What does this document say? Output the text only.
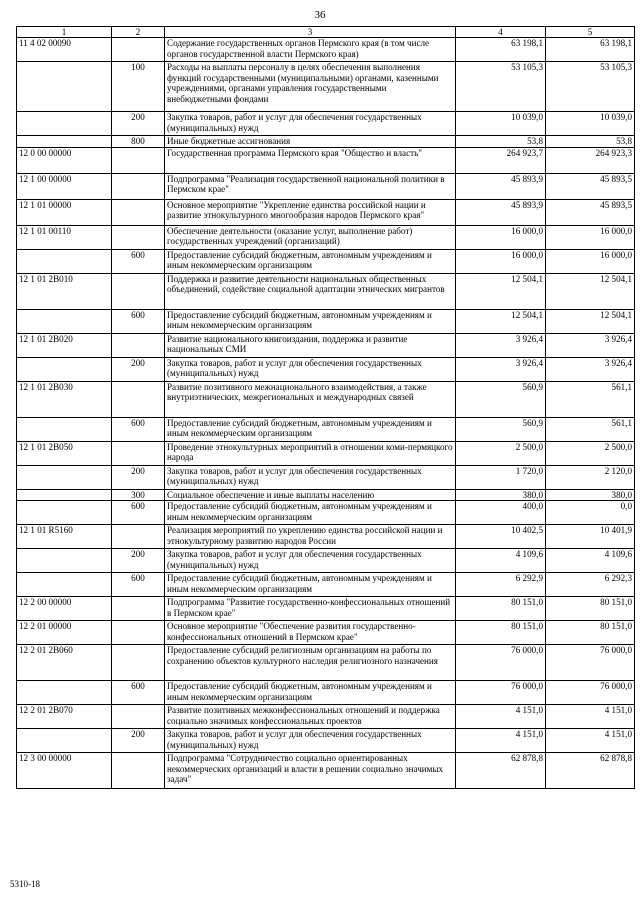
36
1	2	3	4	5
11 4 02 00090		Содержание государственных органов Пермского края (в том числе органов государственной власти Пермского края)	63 198,1	63 198,1
	100	Расходы на выплаты персоналу в целях обеспечения выполнения функций государственными (муниципальными) органами, казенными учреждениями, органами управления государственными внебюджетными фондами	53 105,3	53 105,3
	200	Закупка товаров, работ и услуг для обеспечения государственных (муниципальных) нужд	10 039,0	10 039,0
	800	Иные бюджетные ассигнования	53,8	53,8
12 0 00 00000		Государственная программа Пермского края "Общество и власть"	264 923,7	264 923,3
12 1 00 00000		Подпрограмма "Реализация государственной национальной политики в Пермском крае"	45 893,9	45 893,5
12 1 01 00000		Основное мероприятие "Укрепление единства российской нации и развитие этнокультурного многообразия народов Пермского края"	45 893,9	45 893,5
12 1 01 00110		Обеспечение деятельности (оказание услуг, выполнение работ) государственных учреждений (организаций)	16 000,0	16 000,0
	600	Предоставление субсидий бюджетным, автономным учреждениям и иным некоммерческим организациям	16 000,0	16 000,0
12 1 01 2В010		Поддержка и развитие деятельности национальных общественных объединений, содействие социальной адаптации этнических мигрантов	12 504,1	12 504,1
	600	Предоставление субсидий бюджетным, автономным учреждениям и иным некоммерческим организациям	12 504,1	12 504,1
12 1 01 2В020		Развитие национального книгоиздания, поддержка и развитие национальных СМИ	3 926,4	3 926,4
	200	Закупка товаров, работ и услуг для обеспечения государственных (муниципальных) нужд	3 926,4	3 926,4
12 1 01 2В030		Развитие позитивного межнационального взаимодействия, а также внутриэтнических, межрегиональных и международных связей	560,9	561,1
	600	Предоставление субсидий бюджетным, автономным учреждениям и иным некоммерческим организациям	560,9	561,1
12 1 01 2В050		Проведение этнокультурных мероприятий в отношении коми-пермяцкого народа	2 500,0	2 500,0
	200	Закупка товаров, работ и услуг для обеспечения государственных (муниципальных) нужд	1 720,0	2 120,0
	300	Социальное обеспечение и иные выплаты населению	380,0	380,0
	600	Предоставление субсидий бюджетным, автономным учреждениям и иным некоммерческим организациям	400,0	0,0
12 1 01 R5160		Реализация мероприятий по укреплению единства российской нации и этнокультурному развитию народов России	10 402,5	10 401,9
	200	Закупка товаров, работ и услуг для обеспечения государственных (муниципальных) нужд	4 109,6	4 109,6
	600	Предоставление субсидий бюджетным, автономным учреждениям и иным некоммерческим организациям	6 292,9	6 292,3
12 2 00 00000		Подпрограмма "Развитие государственно-конфессиональных отношений в Пермском крае"	80 151,0	80 151,0
12 2 01 00000		Основное мероприятие "Обеспечение развития государственно-конфессиональных отношений в Пермском крае"	80 151,0	80 151,0
12 2 01 2В060		Предоставление субсидий религиозным организациям на работы по сохранению объектов культурного наследия религиозного назначения	76 000,0	76 000,0
	600	Предоставление субсидий бюджетным, автономным учреждениям и иным некоммерческим организациям	76 000,0	76 000,0
12 2 01 2В070		Развитие позитивных межконфессиональных отношений и поддержка социально значимых конфессиональных проектов	4 151,0	4 151,0
	200	Закупка товаров, работ и услуг для обеспечения государственных (муниципальных) нужд	4 151,0	4 151,0
12 3 00 00000		Подпрограмма "Сотрудничество социально ориентированных некоммерческих организаций и власти в решении социально значимых задач"	62 878,8	62 878,8
5310-18
